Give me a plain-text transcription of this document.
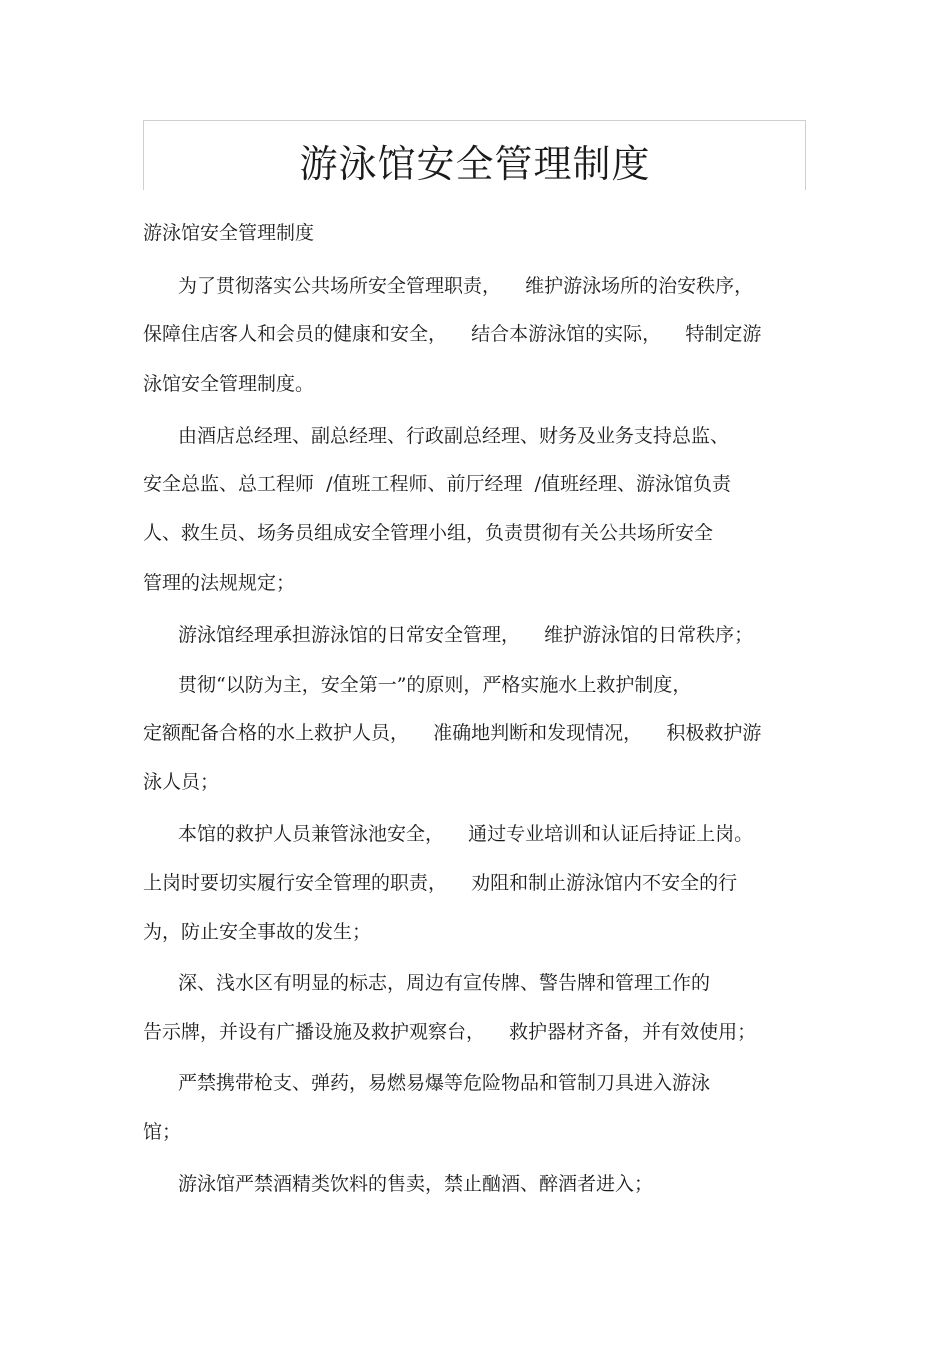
游泳馆安全管理制度

游泳馆安全管理制度

为了贯彻落实公共场所安全管理职责，    维护游泳场所的治安秩序，

保障住店客人和会员的健康和安全，    结合本游泳馆的实际，    特制定游

泳馆安全管理制度。

由酒店总经理、副总经理、行政副总经理、财务及业务支持总监、

安全总监、总工程师  /值班工程师、前厅经理  /值班经理、游泳馆负责

人、救生员、场务员组成安全管理小组，负责贯彻有关公共场所安全

管理的法规规定；

游泳馆经理承担游泳馆的日常安全管理，    维护游泳馆的日常秩序；

贯彻“以防为主，安全第一”的原则，严格实施水上救护制度，

定额配备合格的水上救护人员，    准确地判断和发现情况，    积极救护游

泳人员；

本馆的救护人员兼管泳池安全，    通过专业培训和认证后持证上岗。

上岗时要切实履行安全管理的职责，    劝阻和制止游泳馆内不安全的行

为，防止安全事故的发生；

深、浅水区有明显的标志，周边有宣传牌、警告牌和管理工作的

告示牌，并设有广播设施及救护观察台，    救护器材齐备，并有效使用；

严禁携带枪支、弹药，易燃易爆等危险物品和管制刀具进入游泳

馆；

游泳馆严禁酒精类饮料的售卖，禁止酗酒、醉酒者进入；
